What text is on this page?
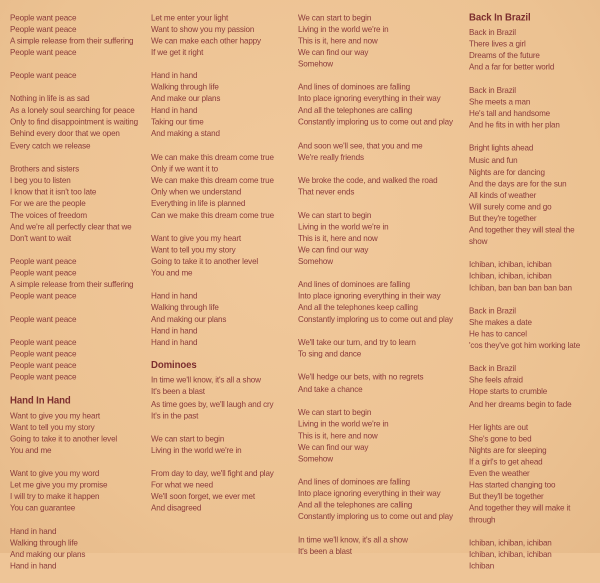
People want peace
People want peace
A simple release from their suffering
People want peace

People want peace

Nothing in life is as sad
As a lonely soul searching for peace
Only to find disappointment is waiting
Behind every door that we open
Every catch we release

Brothers and sisters
I beg you to listen
I know that it isn't too late
For we are the people
The voices of freedom
And we're all perfectly clear that we
Don't want to wait

People want peace
People want peace
A simple release from their suffering
People want peace

People want peace

People want peace
People want peace
People want peace
People want peace

Hand In Hand

Want to give you my heart
Want to tell you my story
Going to take it to another level
You and me

Want to give you my word
Let me give you my promise
I will try to make it happen
You can guarantee

Hand in hand
Walking through life
And making our plans
Hand in hand

Let me enter your light
Want to show you my passion
We can make each other happy
If we get it right

Hand in hand
Walking through life
And make our plans
Hand in hand
Taking our time
And making a stand

We can make this dream come true
Only if we want it to
We can make this dream come true
Only when we understand
Everything in life is planned
Can we make this dream come true

Want to give you my heart
Want to tell you my story
Going to take it to another level
You and me

Hand in hand
Walking through life
And making our plans
Hand in hand
Hand in hand

Dominoes

In time we'll know, it's all a show
It's been a blast
As time goes by, we'll laugh and cry
It's in the past

We can start to begin
Living in the world we're in

From day to day, we'll fight and play
For what we need
We'll soon forget, we ever met
And disagreed

We can start to begin
Living in the world we're in
This is it, here and now
We can find our way
Somehow

And lines of dominoes are falling
Into place ignoring everything in their way
And all the telephones are calling
Constantly imploring us to come out and play

And soon we'll see, that you and me
We're really friends

We broke the code, and walked the road
That never ends

We can start to begin
Living in the world we're in
This is it, here and now
We can find our way
Somehow

And lines of dominoes are falling
Into place ignoring everything in their way
And all the telephones keep calling
Constantly imploring us to come out and play

We'll take our turn, and try to learn
To sing and dance

We'll hedge our bets, with no regrets
And take a chance

We can start to begin
Living in the world we're in
This is it, here and now
We can find our way
Somehow

And lines of dominoes are falling
Into place ignoring everything in their way
And all the telephones are calling
Constantly imploring us to come out and play

In time we'll know, it's all a show
It's been a blast

Back In Brazil

Back in Brazil
There lives a girl
Dreams of the future
And a far for better world

Back in Brazil
She meets a man
He's tall and handsome
And he fits in with her plan

Bright lights ahead
Music and fun
Nights are for dancing
And the days are for the sun
All kinds of weather
Will surely come and go
But they're together
And together they will steal the
show

Ichiban, ichiban, ichiban
Ichiban, ichiban, ichiban
Ichiban, ban ban ban ban ban

Back in Brazil
She makes a date
He has to cancel
'cos they've got him working late

Back in Brazil
She feels afraid
Hope starts to crumble
And her dreams begin to fade

Her lights are out
She's gone to bed
Nights are for sleeping
If a girl's to get ahead
Even the weather
Has started changing too
But they'll be together
And together they will make it
through

Ichiban, ichiban, ichiban
Ichiban, ichiban, ichiban
Ichiban
